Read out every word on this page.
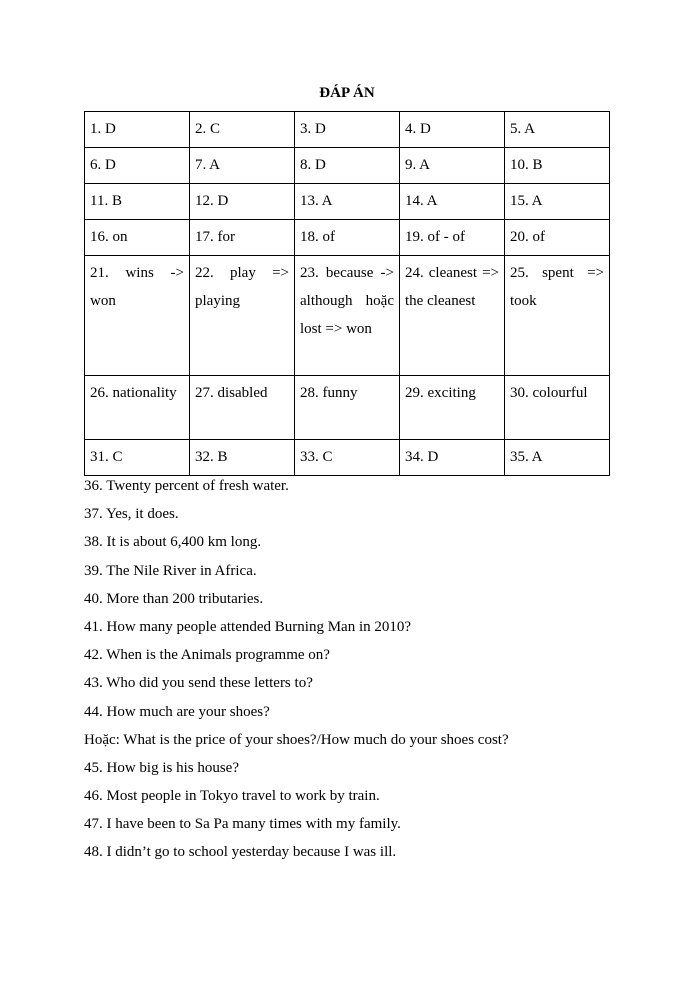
ĐÁP ÁN
1. D	2. C	3. D	4. D	5. A

6. D	7. A	8. D	9. A	10. B

11. B	12. D	13. A	14. A	15. A

16. on	17. for	18. of	19. of - of	20. of

21. wins -> won	22. play => playing	23. because -> although hoặc lost => won	24. cleanest => the cleanest	25. spent => took
26. nationality	27. disabled	28. funny	29. exciting	30. colourful

31. C	32. B	33. C	34. D	35. A
36. Twenty percent of fresh water.
37. Yes, it does.
38. It is about 6,400 km long.
39. The Nile River in Africa.
40. More than 200 tributaries.
41. How many people attended Burning Man in 2010?
42. When is the Animals programme on?
43. Who did you send these letters to?
44. How much are your shoes?
Hoặc: What is the price of your shoes?/How much do your shoes cost?
45. How big is his house?
46. Most people in Tokyo travel to work by train.
47. I have been to Sa Pa many times with my family.
48. I didn’t go to school yesterday because I was ill.
